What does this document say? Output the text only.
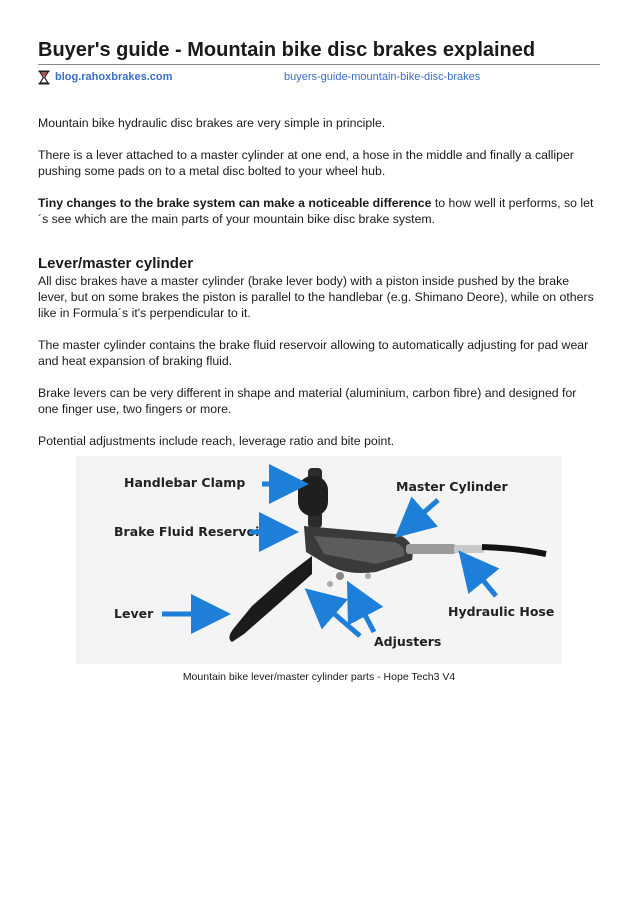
Buyer's guide - Mountain bike disc brakes explained
blog.rahoxbrakes.com	buyers-guide-mountain-bike-disc-brakes

Mountain bike hydraulic disc brakes are very simple in principle.

There is a lever attached to a master cylinder at one end, a hose in the middle and finally a calliper pushing some pads on to a metal disc bolted to your wheel hub.

Tiny changes to the brake system can make a noticeable difference to how well it performs, so let´s see which are the main parts of your mountain bike disc brake system.

Lever/master cylinder

All disc brakes have a master cylinder (brake lever body) with a piston inside pushed by the brake lever, but on some brakes the piston is parallel to the handlebar (e.g. Shimano Deore), while on others like in Formula´s it's perpendicular to it.

The master cylinder contains the brake fluid reservoir allowing to automatically adjusting for pad wear and heat expansion of braking fluid.

Brake levers can be very different in shape and material (aluminium, carbon fibre) and designed for one finger use, two fingers or more.

Potential adjustments include reach, leverage ratio and bite point.

Handlebar Clamp	Master Cylinder
Brake Fluid Reservoir
Lever	Hydraulic Hose
Adjusters
Mountain bike lever/master cylinder parts - Hope Tech3 V4
